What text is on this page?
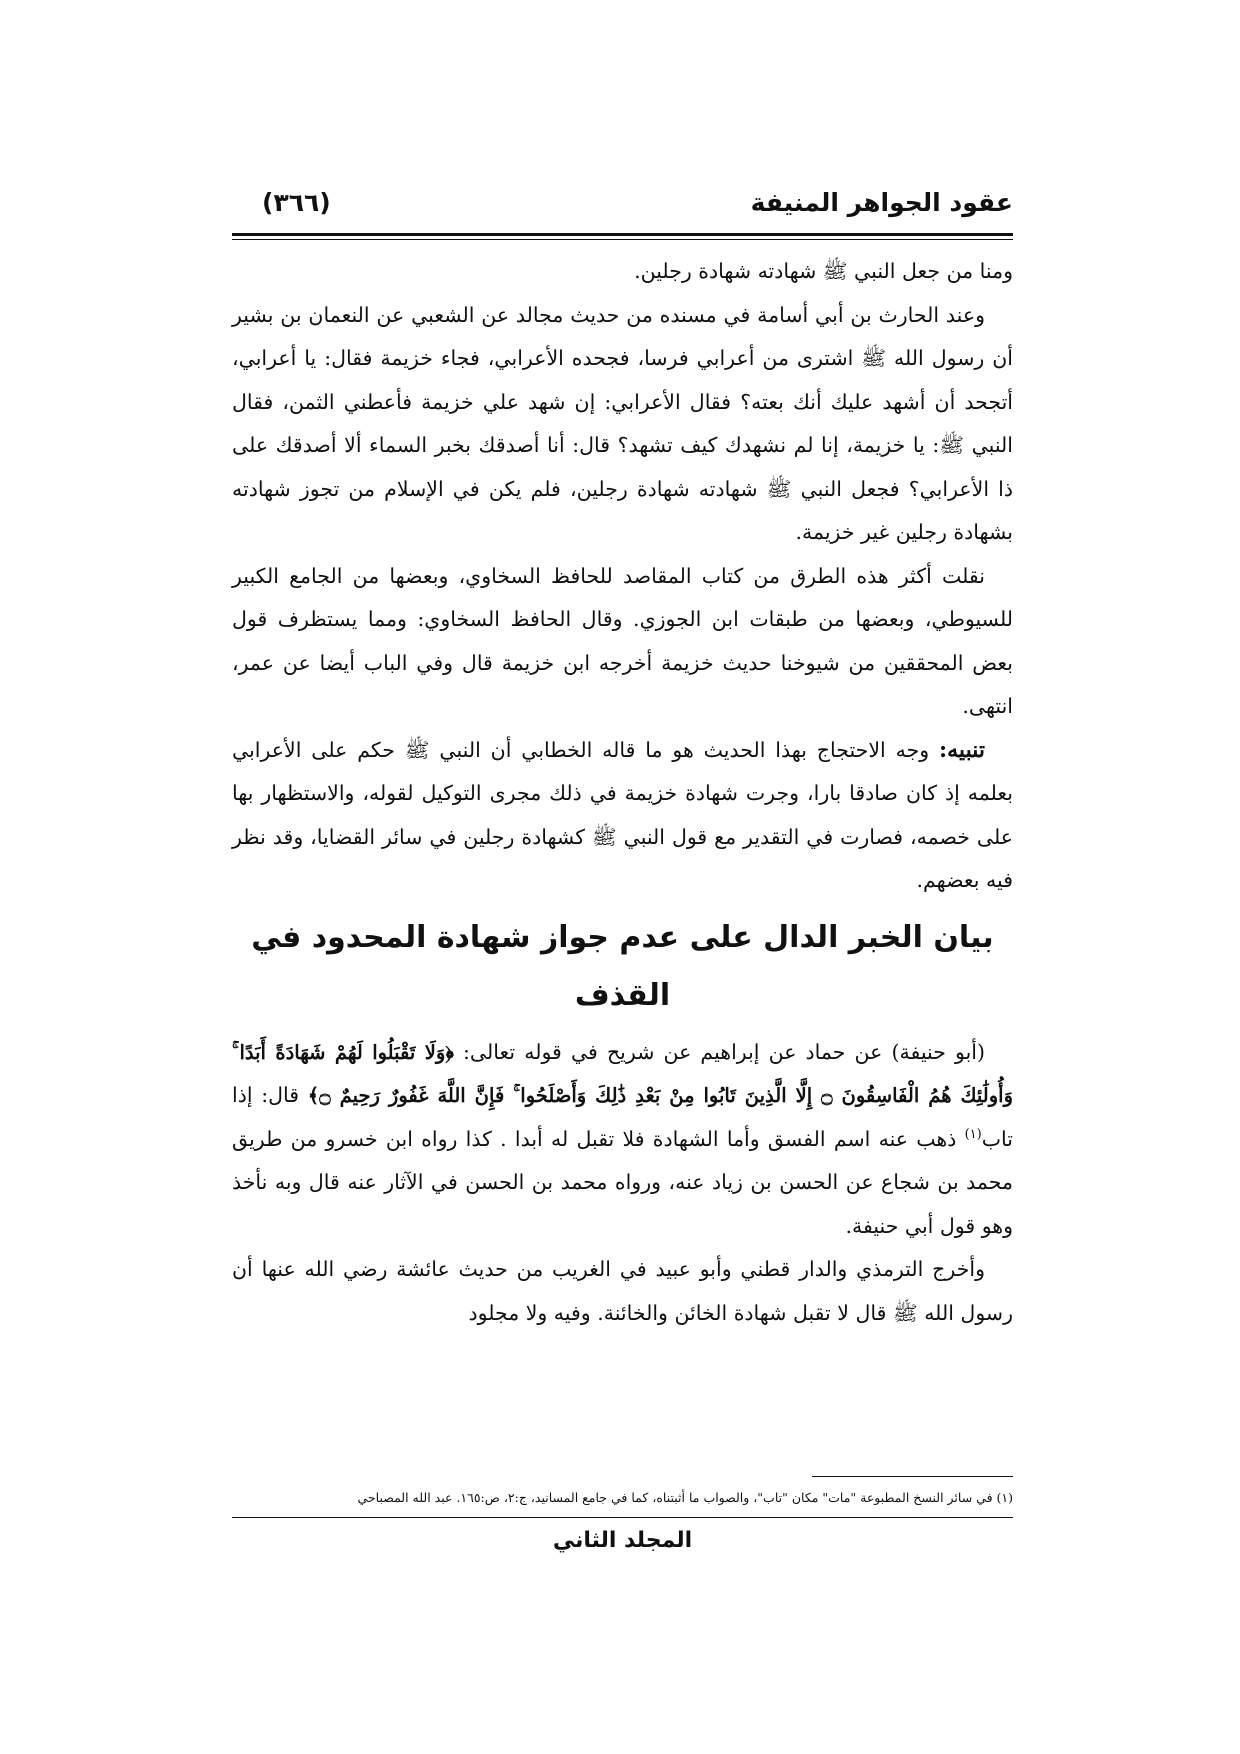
عقود الجواهر المنيفة
(٣٦٦)

ومنا من جعل النبي ﷺ شهادته شهادة رجلين.

وعند الحارث بن أبي أسامة في مسنده من حديث مجالد عن الشعبي عن النعمان بن بشير أن رسول الله ﷺ اشترى من أعرابي فرسا، فجحده الأعرابي، فجاء خزيمة فقال: يا أعرابي، أتجحد أن أشهد عليك أنك بعته؟ فقال الأعرابي: إن شهد علي خزيمة فأعطني الثمن، فقال النبي ﷺ: يا خزيمة، إنا لم نشهدك كيف تشهد؟ قال: أنا أصدقك بخبر السماء ألا أصدقك على ذا الأعرابي؟ فجعل النبي ﷺ شهادته شهادة رجلين، فلم يكن في الإسلام من تجوز شهادته بشهادة رجلين غير خزيمة.

نقلت أكثر هذه الطرق من كتاب المقاصد للحافظ السخاوي، وبعضها من الجامع الكبير للسيوطي، وبعضها من طبقات ابن الجوزي. وقال الحافظ السخاوي: ومما يستظرف قول بعض المحققين من شيوخنا حديث خزيمة أخرجه ابن خزيمة قال وفي الباب أيضا عن عمر، انتهى.

تنبيه: وجه الاحتجاج بهذا الحديث هو ما قاله الخطابي أن النبي ﷺ حكم على الأعرابي بعلمه إذ كان صادقا بارا، وجرت شهادة خزيمة في ذلك مجرى التوكيل لقوله، والاستظهار بها على خصمه، فصارت في التقدير مع قول النبي ﷺ كشهادة رجلين في سائر القضايا، وقد نظر فيه بعضهم.

بيان الخبر الدال على عدم جواز شهادة المحدود في القذف

(أبو حنيفة) عن حماد عن إبراهيم عن شريح في قوله تعالى: ﴿وَلَا تَقْبَلُوا لَهُمْ شَهَادَةً أَبَدًا ۚ وَأُولَٰئِكَ هُمُ الْفَاسِقُونَ ۝ إِلَّا الَّذِينَ تَابُوا مِنْ بَعْدِ ذَٰلِكَ وَأَصْلَحُوا ۚ فَإِنَّ اللَّهَ غَفُورٌ رَحِيمٌ ۝﴾ قال: إذا تاب$^{(١)}$ ذهب عنه اسم الفسق وأما الشهادة فلا تقبل له أبدا . كذا رواه ابن خسرو من طريق محمد بن شجاع عن الحسن بن زياد عنه، ورواه محمد بن الحسن في الآثار عنه قال وبه نأخذ وهو قول أبي حنيفة.

وأخرج الترمذي والدار قطني وأبو عبيد في الغريب من حديث عائشة رضي الله عنها أن رسول الله ﷺ قال لا تقبل شهادة الخائن والخائنة. وفيه ولا مجلود

(١) في سائر النسخ المطبوعة "مات" مكان "تاب"، والصواب ما أثبتناه، كما في جامع المسانيد، ج:٢، ص:١٦٥. عبد الله المصباحي
المجلد الثاني
